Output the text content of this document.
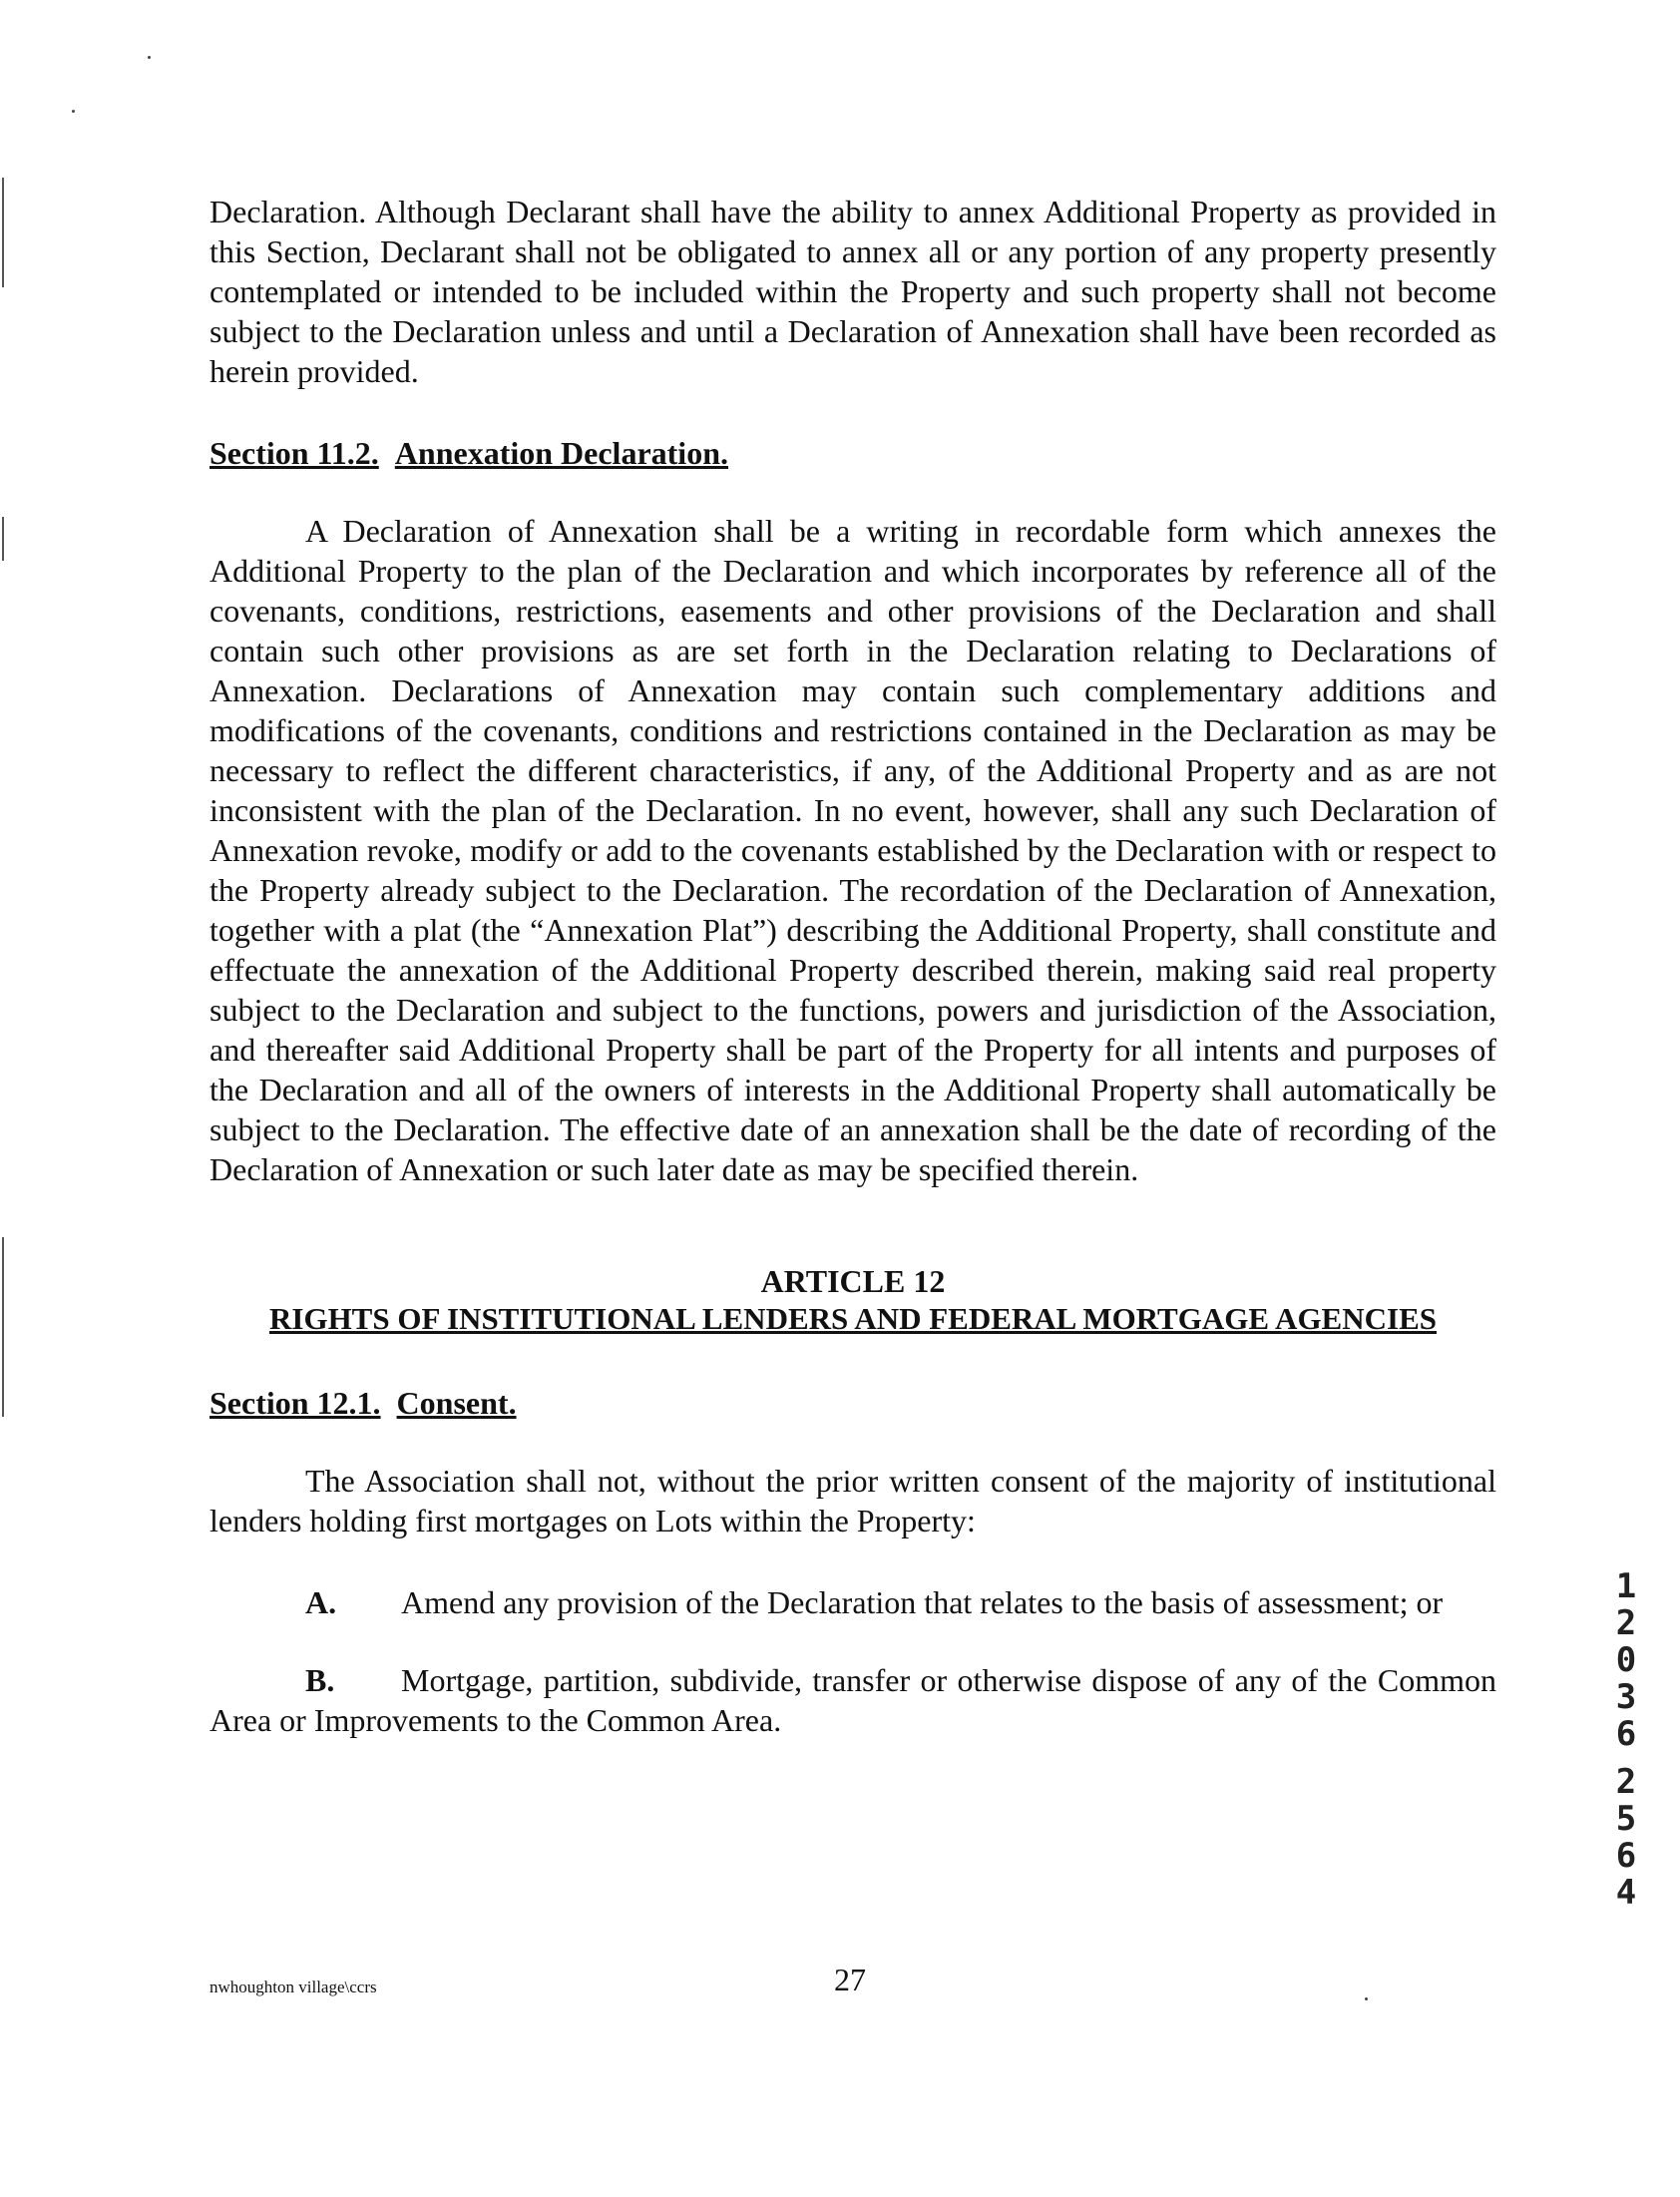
Declaration. Although Declarant shall have the ability to annex Additional Property as provided in this Section, Declarant shall not be obligated to annex all or any portion of any property presently contemplated or intended to be included within the Property and such property shall not become subject to the Declaration unless and until a Declaration of Annexation shall have been recorded as herein provided.

Section 11.2. Annexation Declaration.

A Declaration of Annexation shall be a writing in recordable form which annexes the Additional Property to the plan of the Declaration and which incorporates by reference all of the covenants, conditions, restrictions, easements and other provisions of the Declaration and shall contain such other provisions as are set forth in the Declaration relating to Declarations of Annexation. Declarations of Annexation may contain such complementary additions and modifications of the covenants, conditions and restrictions contained in the Declaration as may be necessary to reflect the different characteristics, if any, of the Additional Property and as are not inconsistent with the plan of the Declaration. In no event, however, shall any such Declaration of Annexation revoke, modify or add to the covenants established by the Declaration with or respect to the Property already subject to the Declaration. The recordation of the Declaration of Annexation, together with a plat (the “Annexation Plat”) describing the Additional Property, shall constitute and effectuate the annexation of the Additional Property described therein, making said real property subject to the Declaration and subject to the functions, powers and jurisdiction of the Association, and thereafter said Additional Property shall be part of the Property for all intents and purposes of the Declaration and all of the owners of interests in the Additional Property shall automatically be subject to the Declaration. The effective date of an annexation shall be the date of recording of the Declaration of Annexation or such later date as may be specified therein.

ARTICLE 12
RIGHTS OF INSTITUTIONAL LENDERS AND FEDERAL MORTGAGE AGENCIES
Section 12.1. Consent.

The Association shall not, without the prior written consent of the majority of institutional lenders holding first mortgages on Lots within the Property:

A. Amend any provision of the Declaration that relates to the basis of assessment; or
B. Mortgage, partition, subdivide, transfer or otherwise dispose of any of the Common Area or Improvements to the Common Area.
12036
2564
nwhoughton village\ccrs	27
